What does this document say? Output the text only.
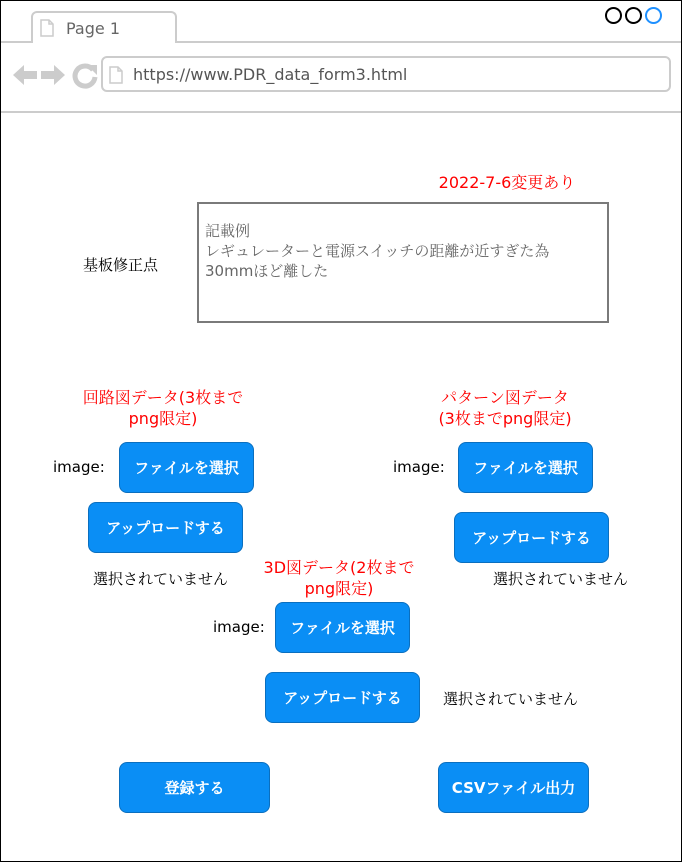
Page 1
https://www.PDR_data_form3.html
2022-7-6変更あり
基板修正点
記載例
レギュレーターと電源スイッチの距離が近すぎた為
30mmほど離した
回路図データ(3枚まで
png限定)
image:	ファイルを選択
アップロードする
選択されていません
パターン図データ
(3枚までpng限定)
image:	ファイルを選択
アップロードする
選択されていません
3D図データ(2枚まで
png限定)
image:	ファイルを選択
アップロードする	選択されていません
登録する	CSVファイル出力
